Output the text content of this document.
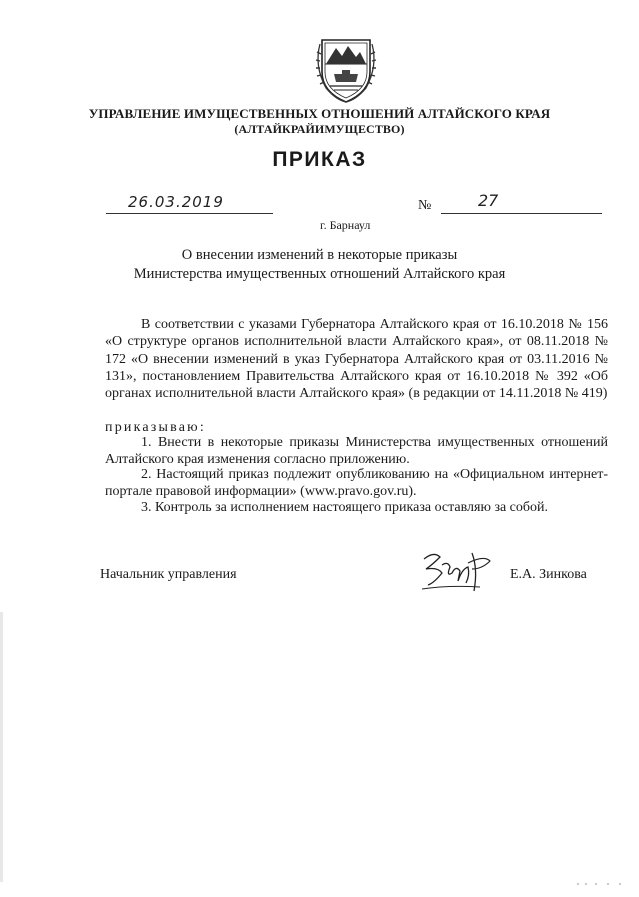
УПРАВЛЕНИЕ ИМУЩЕСТВЕННЫХ ОТНОШЕНИЙ АЛТАЙСКОГО КРАЯ
(АЛТАЙКРАЙИМУЩЕСТВО)
ПРИКАЗ
26.03.2019	№	27
г. Барнаул
О внесении изменений в некоторые приказы
Министерства имущественных отношений Алтайского края
В соответствии с указами Губернатора Алтайского края от 16.10.2018 № 156 «О структуре органов исполнительной власти Алтайского края», от 08.11.2018 № 172 «О внесении изменений в указ Губернатора Алтайского края от 03.11.2016 № 131», постановлением Правительства Алтайского края от 16.10.2018 № 392 «Об органах исполнительной власти Алтайского края» (в редакции от 14.11.2018 № 419)
приказываю:
1. Внести в некоторые приказы Министерства имущественных отношений Алтайского края изменения согласно приложению.
2. Настоящий приказ подлежит опубликованию на «Официальном интернет-портале правовой информации» (www.pravo.gov.ru).
3. Контроль за исполнением настоящего приказа оставляю за собой.
Начальник управления	Е.А. Зинкова
